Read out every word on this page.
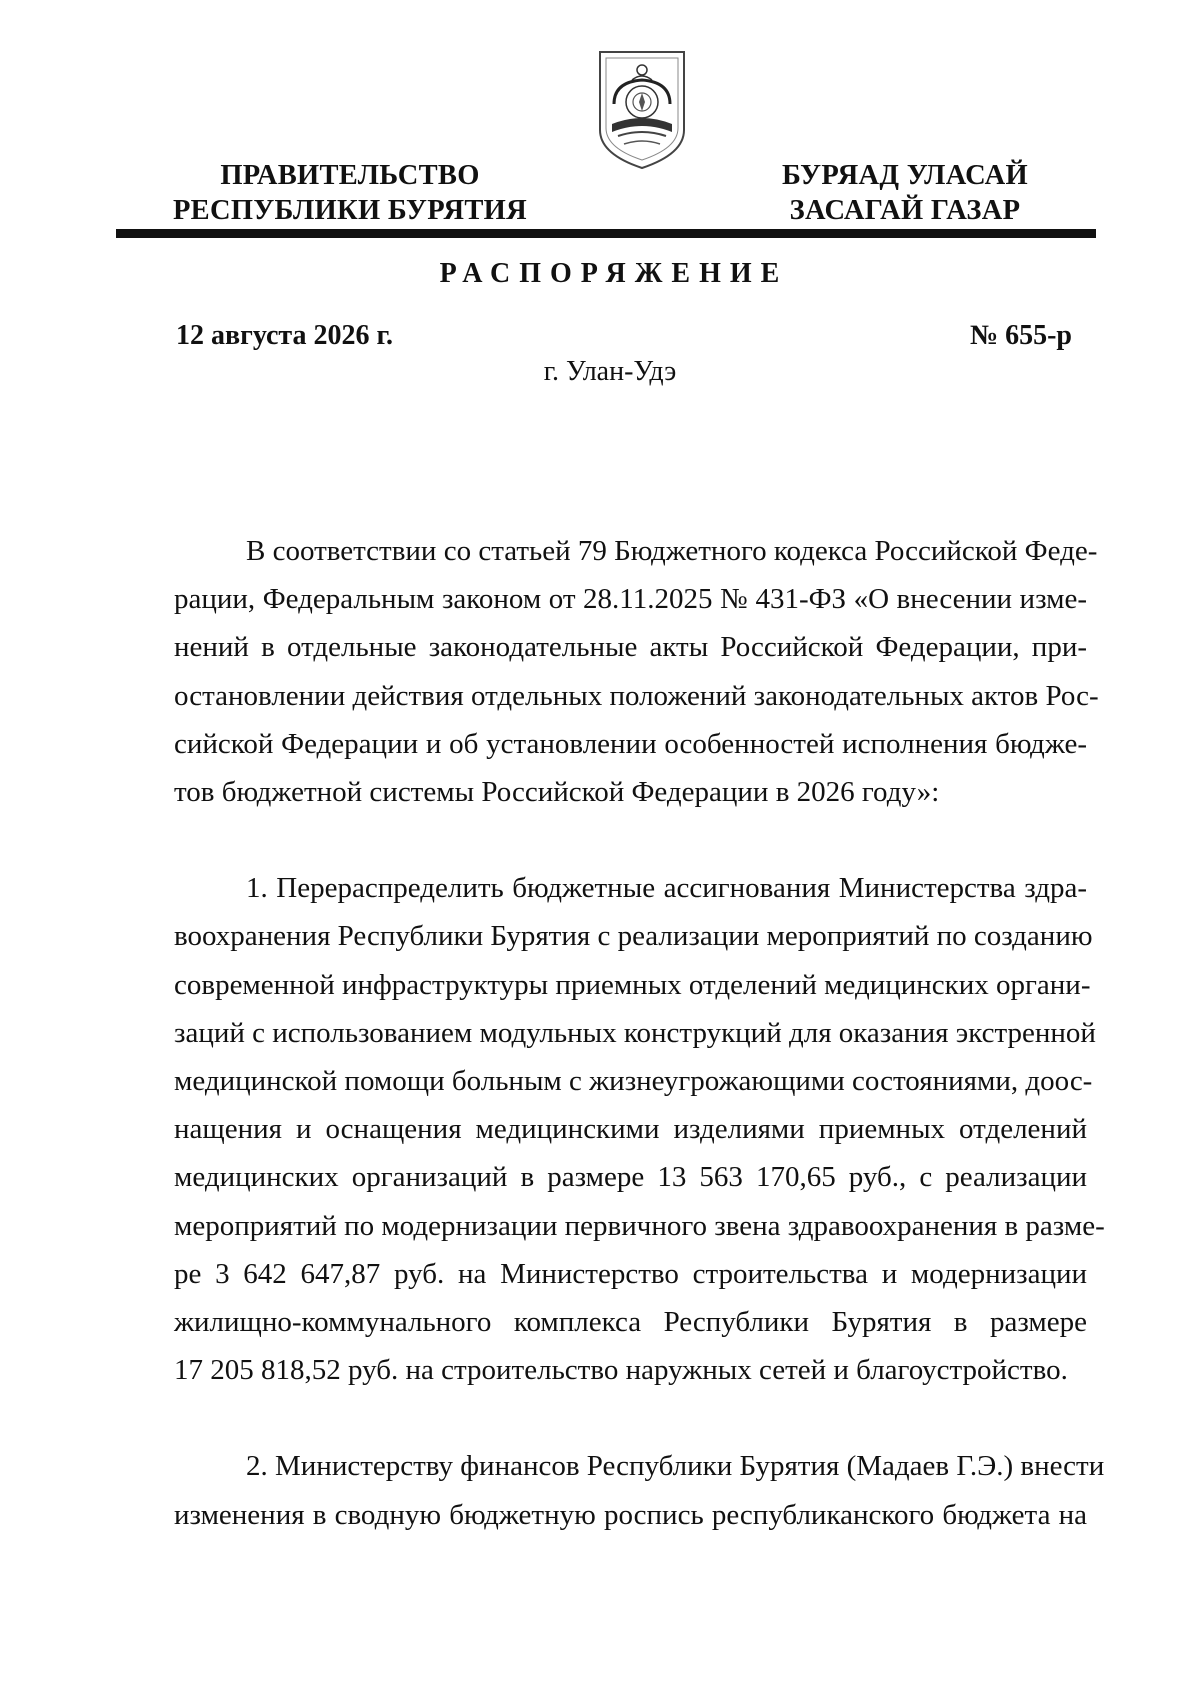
ПРАВИТЕЛЬСТВО
РЕСПУБЛИКИ БУРЯТИЯ
БУРЯАД УЛАСАЙ
ЗАСАГАЙ ГАЗАР
РАСПОРЯЖЕНИЕ
12 августа 2026 г.	№ 655-р
г. Улан-Удэ
В соответствии со статьей 79 Бюджетного кодекса Российской Феде-
рации, Федеральным законом от 28.11.2025 № 431-ФЗ «О внесении изме-
нений в отдельные законодательные акты Российской Федерации, при-
остановлении действия отдельных положений законодательных актов Рос-
сийской Федерации и об установлении особенностей исполнения бюдже-
тов бюджетной системы Российской Федерации в 2026 году»:
1. Перераспределить бюджетные ассигнования Министерства здра-
воохранения Республики Бурятия с реализации мероприятий по созданию
современной инфраструктуры приемных отделений медицинских органи-
заций с использованием модульных конструкций для оказания экстренной
медицинской помощи больным с жизнеугрожающими состояниями, доос-
нащения и оснащения медицинскими изделиями приемных отделений
медицинских организаций в размере 13 563 170,65 руб., с реализации
мероприятий по модернизации первичного звена здравоохранения в разме-
ре 3 642 647,87 руб. на Министерство строительства и модернизации
жилищно-коммунального комплекса Республики Бурятия в размере
17 205 818,52 руб. на строительство наружных сетей и благоустройство.
2. Министерству финансов Республики Бурятия (Мадаев Г.Э.) внести
изменения в сводную бюджетную роспись республиканского бюджета на
